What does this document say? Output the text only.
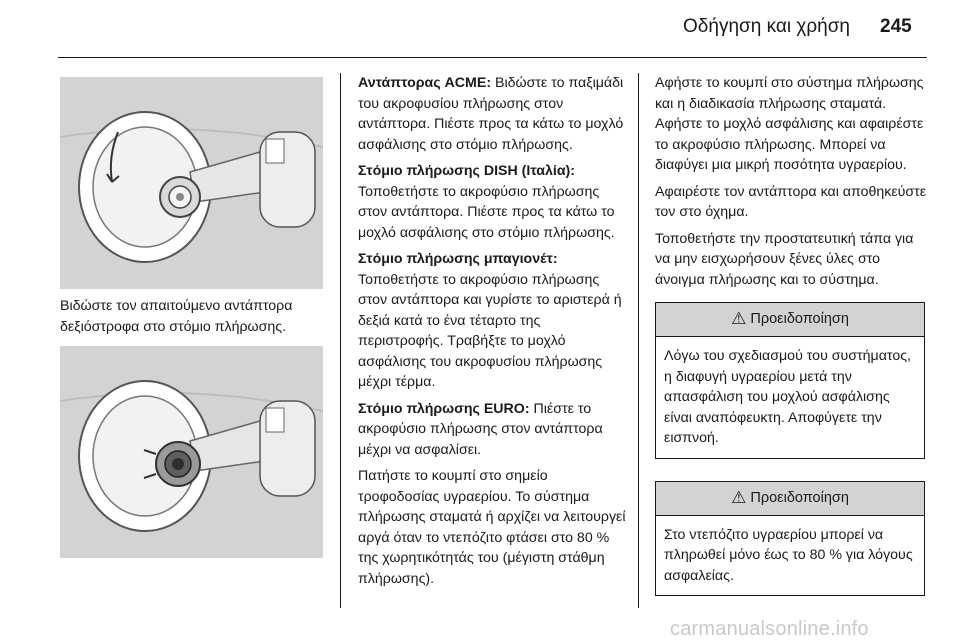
Οδήγηση και χρήση 245
Βιδώστε τον απαιτούμενο αντάπτορα δεξιόστροφα στο στόμιο πλήρωσης.

Αντάπτορας ACME: Βιδώστε το παξιμάδι του ακροφυσίου πλήρωσης στον αντάπτορα. Πιέστε προς τα κάτω το μοχλό ασφάλισης στο στόμιο πλήρωσης.

Στόμιο πλήρωσης DISH (Ιταλία): Τοποθετήστε το ακροφύσιο πλήρωσης στον αντάπτορα. Πιέστε προς τα κάτω το μοχλό ασφάλισης στο στόμιο πλήρωσης.

Στόμιο πλήρωσης μπαγιονέτ: Τοποθετήστε το ακροφύσιο πλήρωσης στον αντάπτορα και γυρίστε το αριστερά ή δεξιά κατά το ένα τέταρτο της περιστροφής. Τραβήξτε το μοχλό ασφάλισης του ακροφυσίου πλήρωσης μέχρι τέρμα.

Στόμιο πλήρωσης EURO: Πιέστε το ακροφύσιο πλήρωσης στον αντάπτορα μέχρι να ασφαλίσει.

Πατήστε το κουμπί στο σημείο τροφοδοσίας υγραερίου. Το σύστημα πλήρωσης σταματά ή αρχίζει να λειτουργεί αργά όταν το ντεπόζιτο φτάσει στο 80 % της χωρητικότητάς του (μέγιστη στάθμη πλήρωσης).

Αφήστε το κουμπί στο σύστημα πλήρωσης και η διαδικασία πλήρωσης σταματά. Αφήστε το μοχλό ασφάλισης και αφαιρέστε το ακροφύσιο πλήρωσης. Μπορεί να διαφύγει μια μικρή ποσότητα υγραερίου.

Αφαιρέστε τον αντάπτορα και αποθηκεύστε τον στο όχημα.

Τοποθετήστε την προστατευτική τάπα για να μην εισχωρήσουν ξένες ύλες στο άνοιγμα πλήρωσης και το σύστημα.

⚠ Προειδοποίηση
Λόγω του σχεδιασμού του συστήματος, η διαφυγή υγραερίου μετά την απασφάλιση του μοχλού ασφάλισης είναι αναπόφευκτη. Αποφύγετε την εισπνοή.
⚠ Προειδοποίηση
Στο ντεπόζιτο υγραερίου μπορεί να πληρωθεί μόνο έως το 80 % για λόγους ασφαλείας.
carmanualsonline.info
